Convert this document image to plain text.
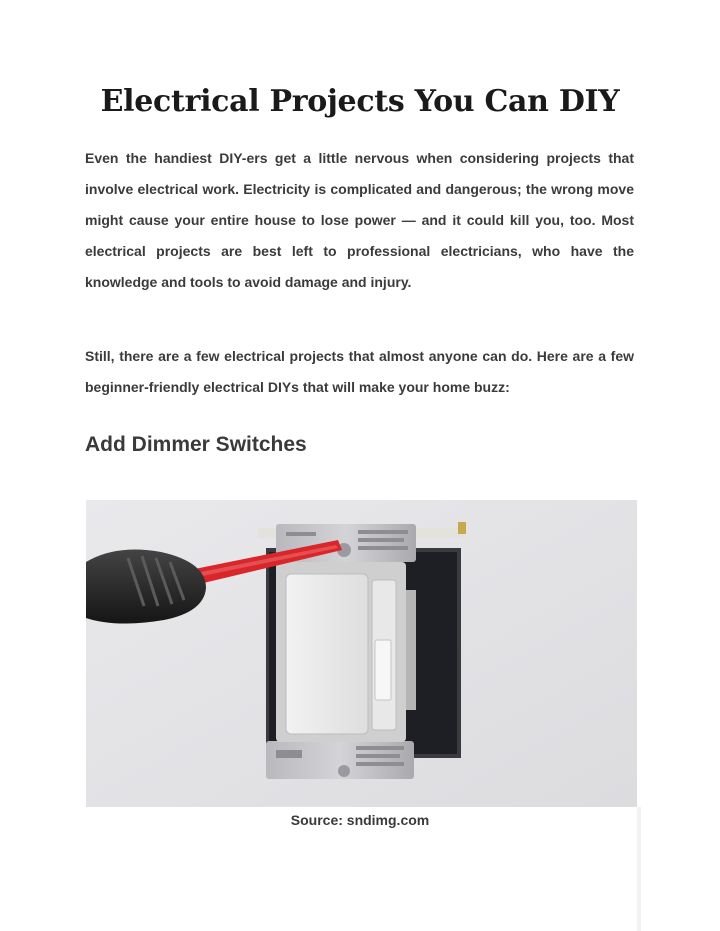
Electrical Projects You Can DIY

Even the handiest DIY-ers get a little nervous when considering projects that involve electrical work. Electricity is complicated and dangerous; the wrong move might cause your entire house to lose power — and it could kill you, too. Most electrical projects are best left to professional electricians, who have the knowledge and tools to avoid damage and injury.

Still, there are a few electrical projects that almost anyone can do. Here are a few beginner-friendly electrical DIYs that will make your home buzz:

Add Dimmer Switches

Source: sndimg.com
